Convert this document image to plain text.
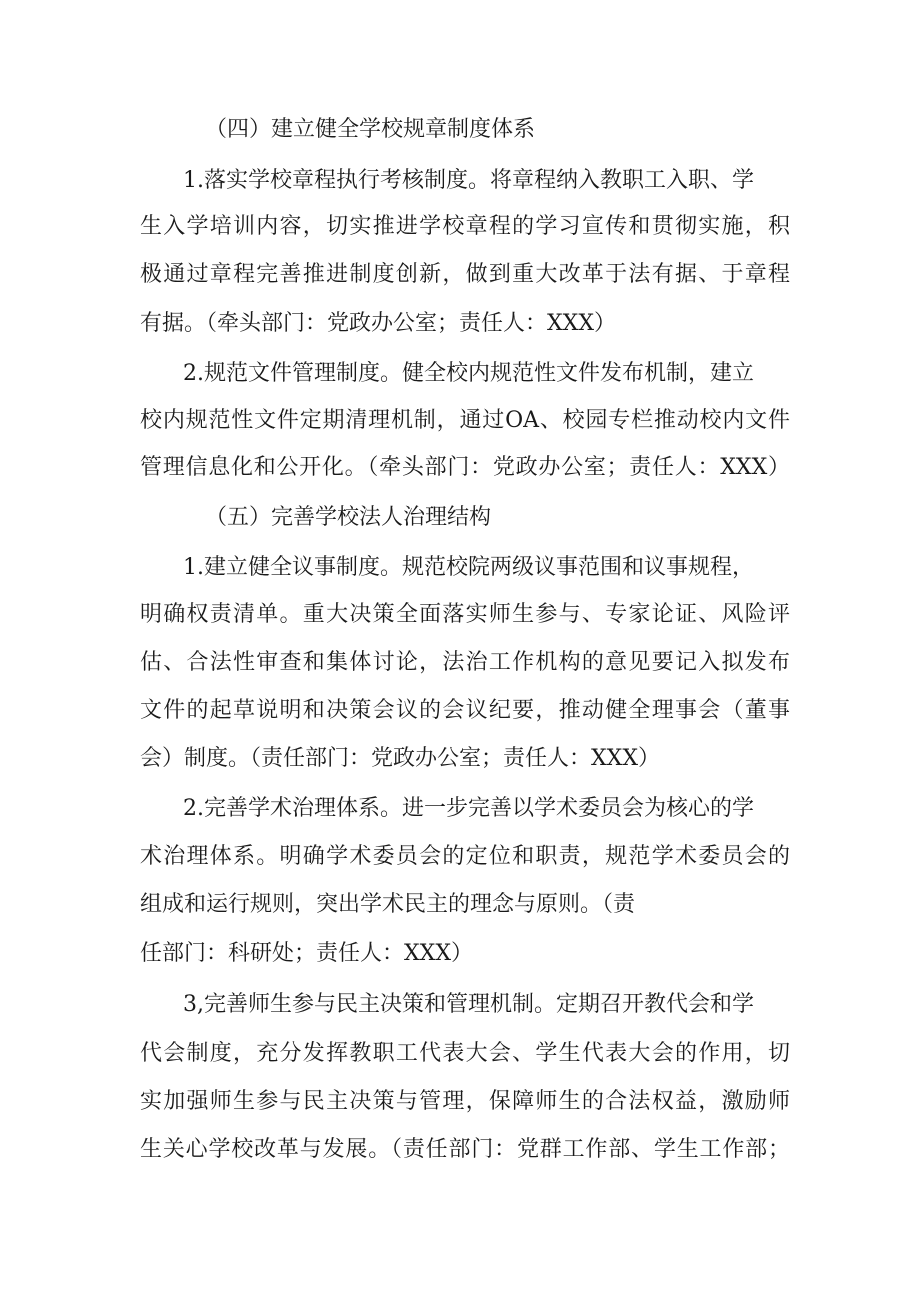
（四）建立健全学校规章制度体系

1.落实学校章程执行考核制度。将章程纳入教职工入职、学

生入学培训内容，切实推进学校章程的学习宣传和贯彻实施，积

极通过章程完善推进制度创新，做到重大改革于法有据、于章程

有据。（牵头部门：党政办公室；责任人：XXX）

2.规范文件管理制度。健全校内规范性文件发布机制，建立

校内规范性文件定期清理机制，通过OA、校园专栏推动校内文件

管理信息化和公开化。（牵头部门：党政办公室；责任人：XXX）

（五）完善学校法人治理结构

1.建立健全议事制度。规范校院两级议事范围和议事规程，

明确权责清单。重大决策全面落实师生参与、专家论证、风险评

估、合法性审查和集体讨论，法治工作机构的意见要记入拟发布

文件的起草说明和决策会议的会议纪要，推动健全理事会（董事

会）制度。（责任部门：党政办公室；责任人：XXX）

2.完善学术治理体系。进一步完善以学术委员会为核心的学

术治理体系。明确学术委员会的定位和职责，规范学术委员会的

组成和运行规则，突出学术民主的理念与原则。（责

任部门：科研处；责任人：XXX）

3,完善师生参与民主决策和管理机制。定期召开教代会和学

代会制度，充分发挥教职工代表大会、学生代表大会的作用，切

实加强师生参与民主决策与管理，保障师生的合法权益，激励师

生关心学校改革与发展。（责任部门：党群工作部、学生工作部；
